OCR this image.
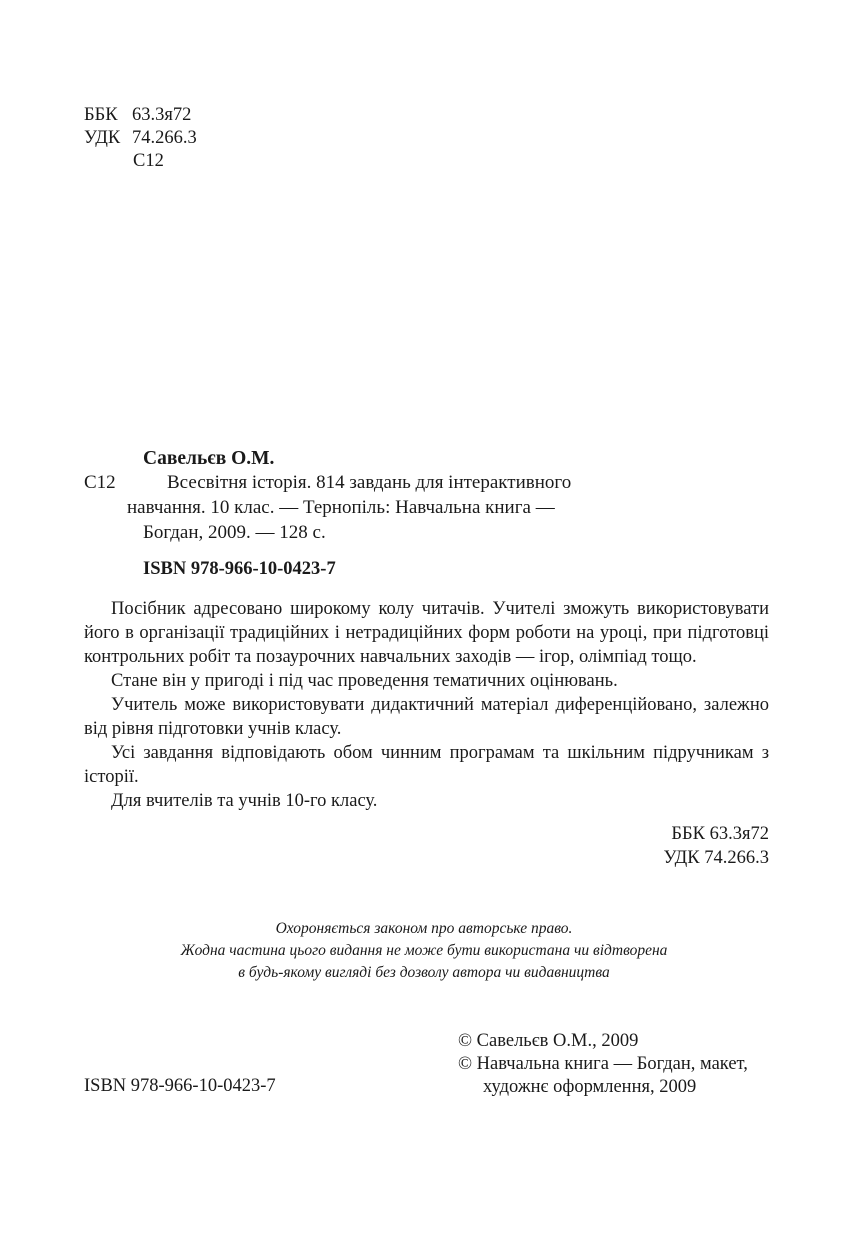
ББК 63.3я72
УДК 74.266.3
С12
Савельєв О.М.
С12	Всесвітня історія. 814 завдань для інтерактивного
навчання. 10 клас. — Тернопіль: Навчальна книга —
Богдан, 2009. — 128 с.
ISBN 978-966-10-0423-7

Посібник адресовано широкому колу читачів. Учителі зможуть використовувати його в організації традиційних і нетрадиційних форм роботи на уроці, при підготовці контрольних робіт та позаурочних навчальних заходів — ігор, олімпіад тощо.

Стане він у пригоді і під час проведення тематичних оцінювань.

Учитель може використовувати дидактичний матеріал диференційовано, залежно від рівня підготовки учнів класу.

Усі завдання відповідають обом чинним програмам та шкільним підручникам з історії.

Для вчителів та учнів 10-го класу.

ББК 63.3я72
УДК 74.266.3
Охороняється законом про авторське право.
Жодна частина цього видання не може бути використана чи відтворена
в будь-якому вигляді без дозволу автора чи видавництва
© Савельєв О.М., 2009
© Навчальна книга — Богдан, макет,
художнє оформлення, 2009
ISBN 978-966-10-0423-7
